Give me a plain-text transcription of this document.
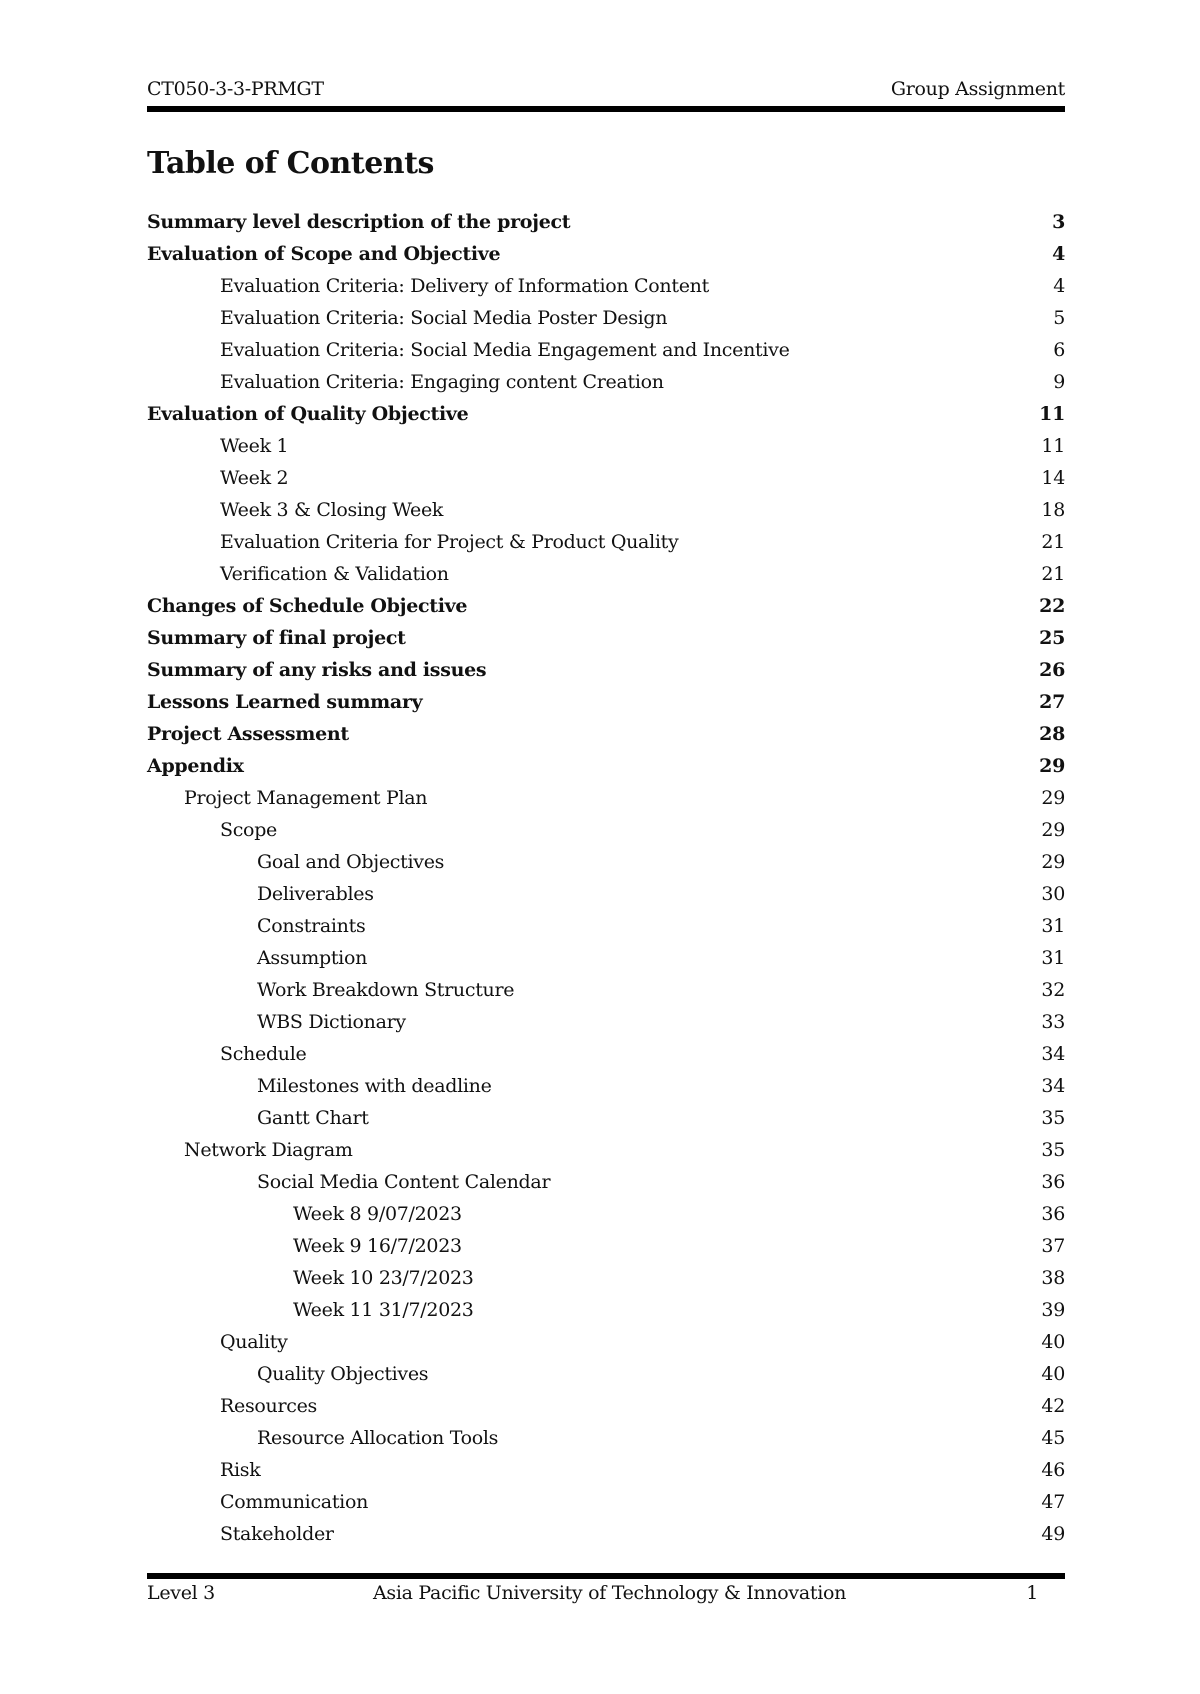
CT050-3-3-PRMGT	Group Assignment
Table of Contents
Summary level description of the project	3
Evaluation of Scope and Objective	4
Evaluation Criteria: Delivery of Information Content	4
Evaluation Criteria: Social Media Poster Design	5
Evaluation Criteria: Social Media Engagement and Incentive	6
Evaluation Criteria: Engaging content Creation	9
Evaluation of Quality Objective	11
Week 1	11
Week 2	14
Week 3 & Closing Week	18
Evaluation Criteria for Project & Product Quality	21
Verification & Validation	21
Changes of Schedule Objective	22
Summary of final project	25
Summary of any risks and issues	26
Lessons Learned summary	27
Project Assessment	28
Appendix	29
Project Management Plan	29
Scope	29
Goal and Objectives	29
Deliverables	30
Constraints	31
Assumption	31
Work Breakdown Structure	32
WBS Dictionary	33
Schedule	34
Milestones with deadline	34
Gantt Chart	35
Network Diagram	35
Social Media Content Calendar	36
Week 8 9/07/2023	36
Week 9 16/7/2023	37
Week 10 23/7/2023	38
Week 11 31/7/2023	39
Quality	40
Quality Objectives	40
Resources	42
Resource Allocation Tools	45
Risk	46
Communication	47
Stakeholder	49
Level 3	Asia Pacific University of Technology & Innovation	1
